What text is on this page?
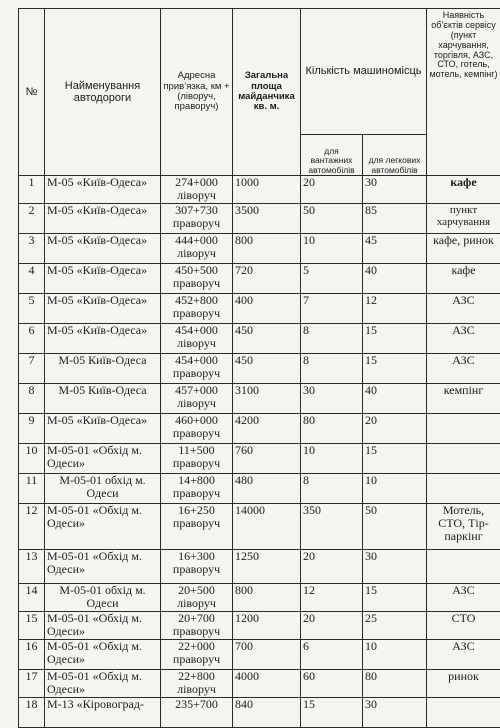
№	Найменування автодороги	Адресна прив’язка, км + (ліворуч, праворуч)	Загальна площа майданчика кв. м.	Кількість машиномісць		Наявність об’єктів сервісу (пункт харчування, торгівля, АЗС, СТО, готель, мотель, кемпінг)
				для вантажних автомобілів	для легкових автомобілів	
1	М-05 «Київ-Одеса»	274+000 ліворуч	1000	20	30	кафе
2	М-05 «Київ-Одеса»	307+730 праворуч	3500	50	85	пункт харчування
3	М-05 «Київ-Одеса»	444+000 ліворуч	800	10	45	кафе, ринок
4	М-05 «Київ-Одеса»	450+500 праворуч	720	5	40	кафе
5	М-05 «Київ-Одеса»	452+800 праворуч	400	7	12	АЗС
6	М-05 «Київ-Одеса»	454+000 ліворуч	450	8	15	АЗС
7	М-05 Київ-Одеса	454+000 праворуч	450	8	15	АЗС
8	М-05 Київ-Одеса	457+000 ліворуч	3100	30	40	кемпінг
9	М-05 «Київ-Одеса»	460+000 праворуч	4200	80	20	
10	М-05-01 «Обхід м. Одеси»	11+500 праворуч	760	10	15	
11	М-05-01 обхід м. Одеси	14+800 праворуч	480	8	10	
12	М-05-01 «Обхід м. Одеси»	16+250 праворуч	14000	350	50	Мотель, СТО, Тір-паркінг
13	М-05-01 «Обхід м. Одеси»	16+300 праворуч	1250	20	30	
14	М-05-01 обхід м. Одеси	20+500 ліворуч	800	12	15	АЗС
15	М-05-01 «Обхід м. Одеси»	20+700 праворуч	1200	20	25	СТО
16	М-05-01 «Обхід м. Одеси»	22+000 праворуч	700	6	10	АЗС
17	М-05-01 «Обхід м. Одеси»	22+800 ліворуч	4000	60	80	ринок
18	М-13 «Кіровоград-	235+700	840	15	30	
